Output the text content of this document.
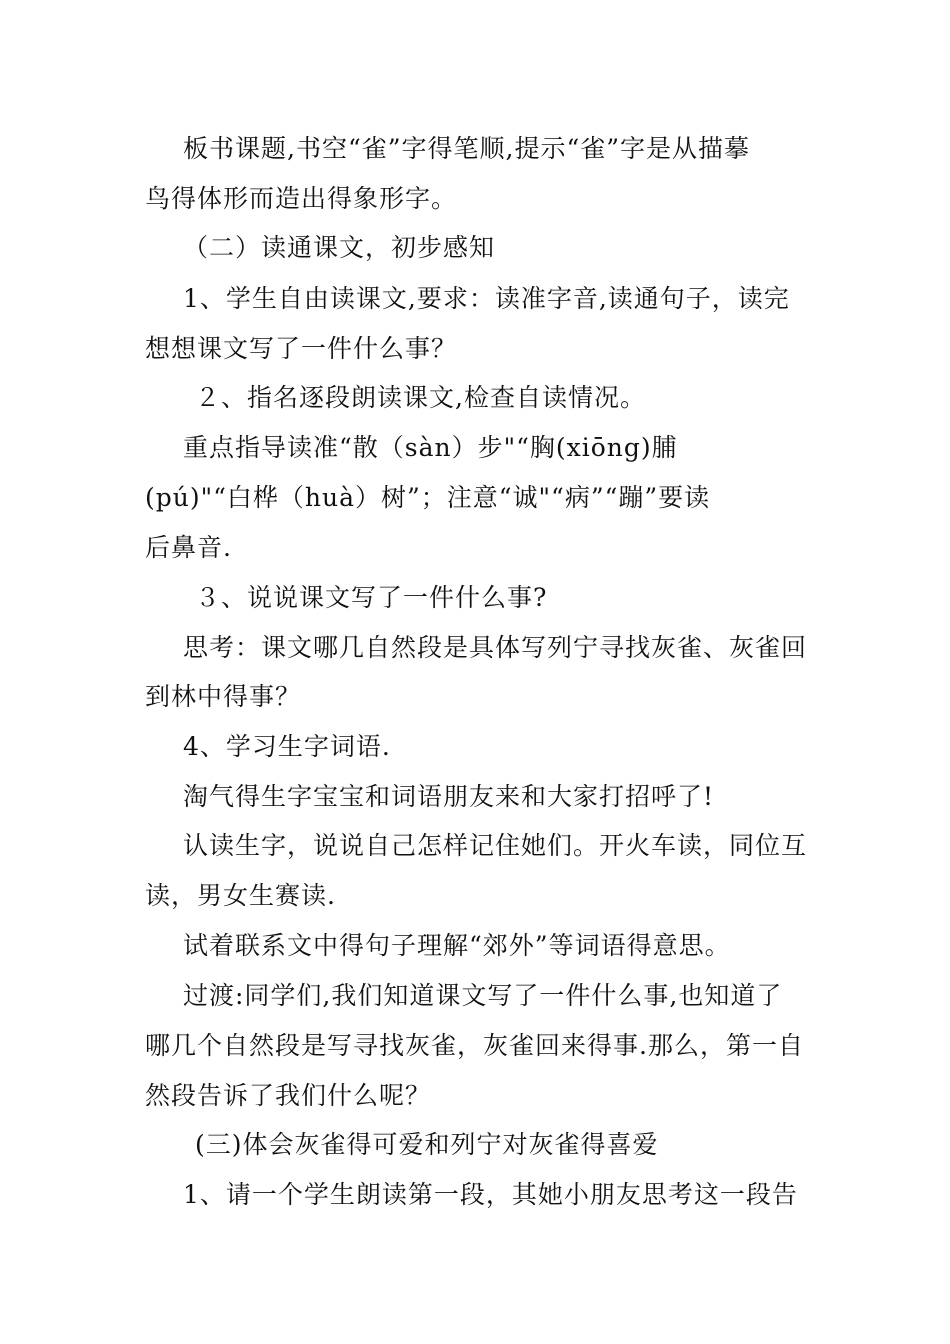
板书课题,书空“雀”字得笔顺,提示“雀”字是从描摹
鸟得体形而造出得象形字。
（二）读通课文，初步感知
1、学生自由读课文,要求：读准字音,读通句子，读完
想想课文写了一件什么事？
２、指名逐段朗读课文,检查自读情况。
重点指导读准“散（sàn）步"“胸(xiōng)脯
(pú)"“白桦（huà）树”；注意“诚"“病”“蹦”要读
后鼻音.
３、说说课文写了一件什么事?
思考：课文哪几自然段是具体写列宁寻找灰雀、灰雀回
到林中得事？
4、学习生字词语.
淘气得生字宝宝和词语朋友来和大家打招呼了!
认读生字，说说自己怎样记住她们。开火车读，同位互
读，男女生赛读.
试着联系文中得句子理解“郊外”等词语得意思。
过渡:同学们,我们知道课文写了一件什么事,也知道了
哪几个自然段是写寻找灰雀，灰雀回来得事.那么，第一自
然段告诉了我们什么呢？
(三)体会灰雀得可爱和列宁对灰雀得喜爱
1、请一个学生朗读第一段，其她小朋友思考这一段告
